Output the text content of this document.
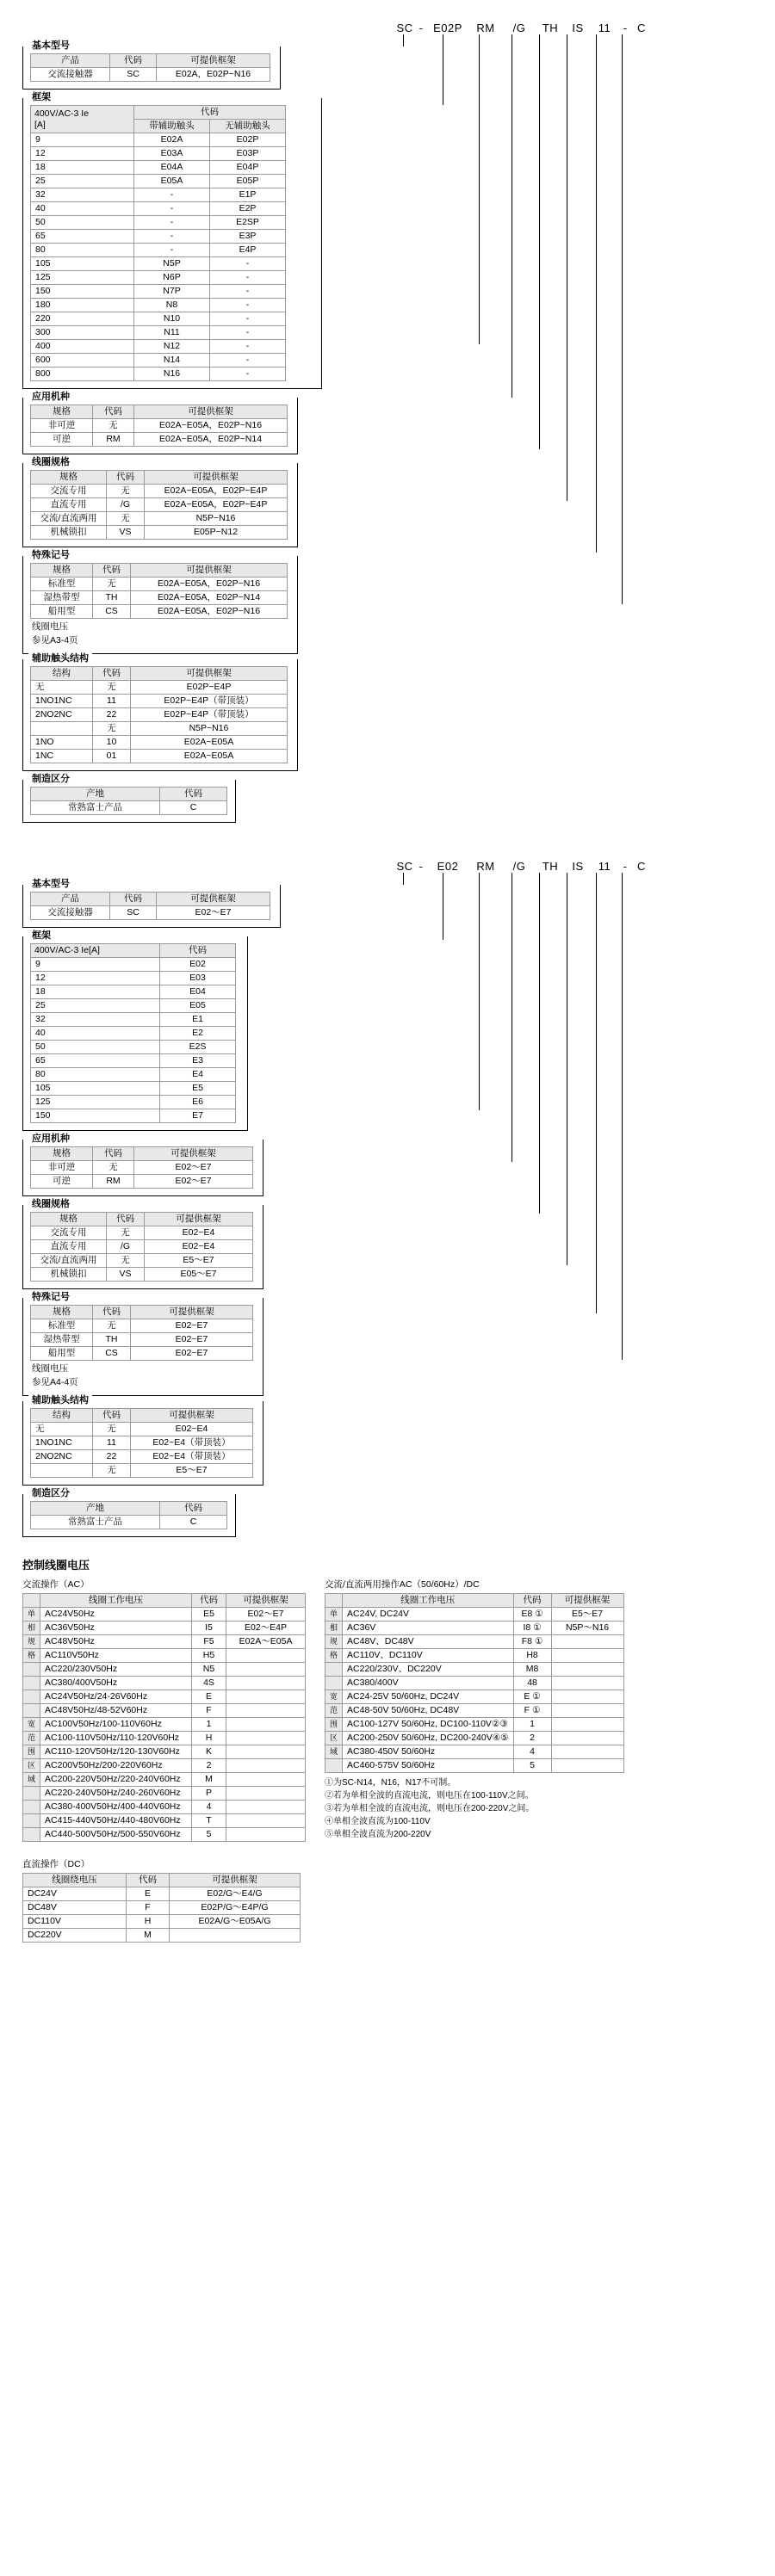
SC - E02P	RM	/G	TH	IS	11	- C
基本型号
产品	代码	可提供框架
交流接触器	SC	E02A，E02P~N16
框架
400V/AC-3 Ie
[A]	代码	
	带辅助触头	无辅助触头
9	E02A	E02P
12	E03A	E03P
18	E04A	E04P
25	E05A	E05P
32	-	E1P
40	-	E2P
50	-	E2SP
65	-	E3P
80	-	E4P
105	N5P	-
125	N6P	-
150	N7P	-
180	N8	-
220	N10	-
300	N11	-
400	N12	-
600	N14	-
800	N16	-
应用机种
规格	代码	可提供框架
非可逆	无	E02A~E05A，E02P~N16
可逆	RM	E02A~E05A，E02P~N14
线圈规格
规格	代码	可提供框架
交流专用	无	E02A~E05A，E02P~E4P
直流专用	/G	E02A~E05A，E02P~E4P
交流/直流两用	无	N5P~N16
机械锁扣	VS	E05P~N12
特殊记号
规格	代码	可提供框架
标准型	无	E02A~E05A，E02P~N16
湿热带型	TH	E02A~E05A，E02P~N14
船用型	CS	E02A~E05A，E02P~N16
线圈电压
参见A3-4页
辅助触头结构
结构	代码	可提供框架
无	无	E02P~E4P
1NO1NC	11	E02P~E4P（带顶装）
2NO2NC	22	E02P~E4P（带顶装）
	无	N5P~N16
1NO	10	E02A~E05A
1NC	01	E02A~E05A
制造区分
产地	代码
常熟富士产品	C
SC -	E02	RM	/G	TH	IS	11	- C
基本型号
产品	代码	可提供框架
交流接触器	SC	E02～E7
框架
400V/AC-3 Ie[A]	代码
9	E02
12	E03
18	E04
25	E05
32	E1
40	E2
50	E2S
65	E3
80	E4
105	E5
125	E6
150	E7
应用机种
规格	代码	可提供框架
非可逆	无	E02～E7
可逆	RM	E02～E7
线圈规格
规格	代码	可提供框架
交流专用	无	E02~E4
直流专用	/G	E02~E4
交流/直流两用	无	E5～E7
机械锁扣	VS	E05～E7
特殊记号
规格	代码	可提供框架
标准型	无	E02~E7
湿热带型	TH	E02~E7
船用型	CS	E02~E7
线圈电压
参见A4-4页
辅助触头结构
结构	代码	可提供框架
无	无	E02~E4
1NO1NC	11	E02~E4（带顶装）
2NO2NC	22	E02~E4（带顶装）
	无	E5～E7
制造区分
产地	代码
常熟富士产品	C
控制线圈电压
交流操作（AC）
	线圈工作电压	代码	可提供框架
单	AC24V50Hz	E5	E02～E7
相	AC36V50Hz	I5	E02～E4P
规	AC48V50Hz	F5	E02A～E05A
格	AC110V50Hz	H5	
	AC220/230V50Hz	N5	
	AC380/400V50Hz	4S	
	AC24V50Hz/24-26V60Hz	E	
	AC48V50Hz/48-52V60Hz	F	
宽	AC100V50Hz/100-110V60Hz	1	
范	AC100-110V50Hz/110-120V60Hz	H	
围	AC110-120V50Hz/120-130V60Hz	K	
区	AC200V50Hz/200-220V60Hz	2	
域	AC200-220V50Hz/220-240V60Hz	M	
	AC220-240V50Hz/240-260V60Hz	P	
	AC380-400V50Hz/400-440V60Hz	4	
	AC415-440V50Hz/440-480V60Hz	T	
	AC440-500V50Hz/500-550V60Hz	5	
直流操作（DC）
线圈绕电压	代码	可提供框架
DC24V	E	E02/G～E4/G
DC48V	F	E02P/G～E4P/G
DC110V	H	E02A/G～E05A/G
DC220V	M	
交流/直流两用操作AC（50/60Hz）/DC
	线圈工作电压	代码	可提供框架
单	AC24V, DC24V	E8 ①	E5～E7
相	AC36V	I8 ①	N5P～N16
规	AC48V、DC48V	F8 ①	
格	AC110V、DC110V	H8	
	AC220/230V、DC220V	M8	
	AC380/400V	48	
宽	AC24-25V 50/60Hz, DC24V	E ①	
范	AC48-50V 50/60Hz, DC48V	F ①	
围	AC100-127V 50/60Hz, DC100-110V②③	1	
区	AC200-250V 50/60Hz, DC200-240V④⑤	2	
域	AC380-450V 50/60Hz	4	
	AC460-575V 50/60Hz	5	
①为SC-N14，N16，N17不可制。
②若为单相全波的直流电流，则电压在100-110V之间。
③若为单相全波的直流电流，则电压在200-220V之间。
④单相全波直流为100-110V
⑤单相全波直流为200-220V
